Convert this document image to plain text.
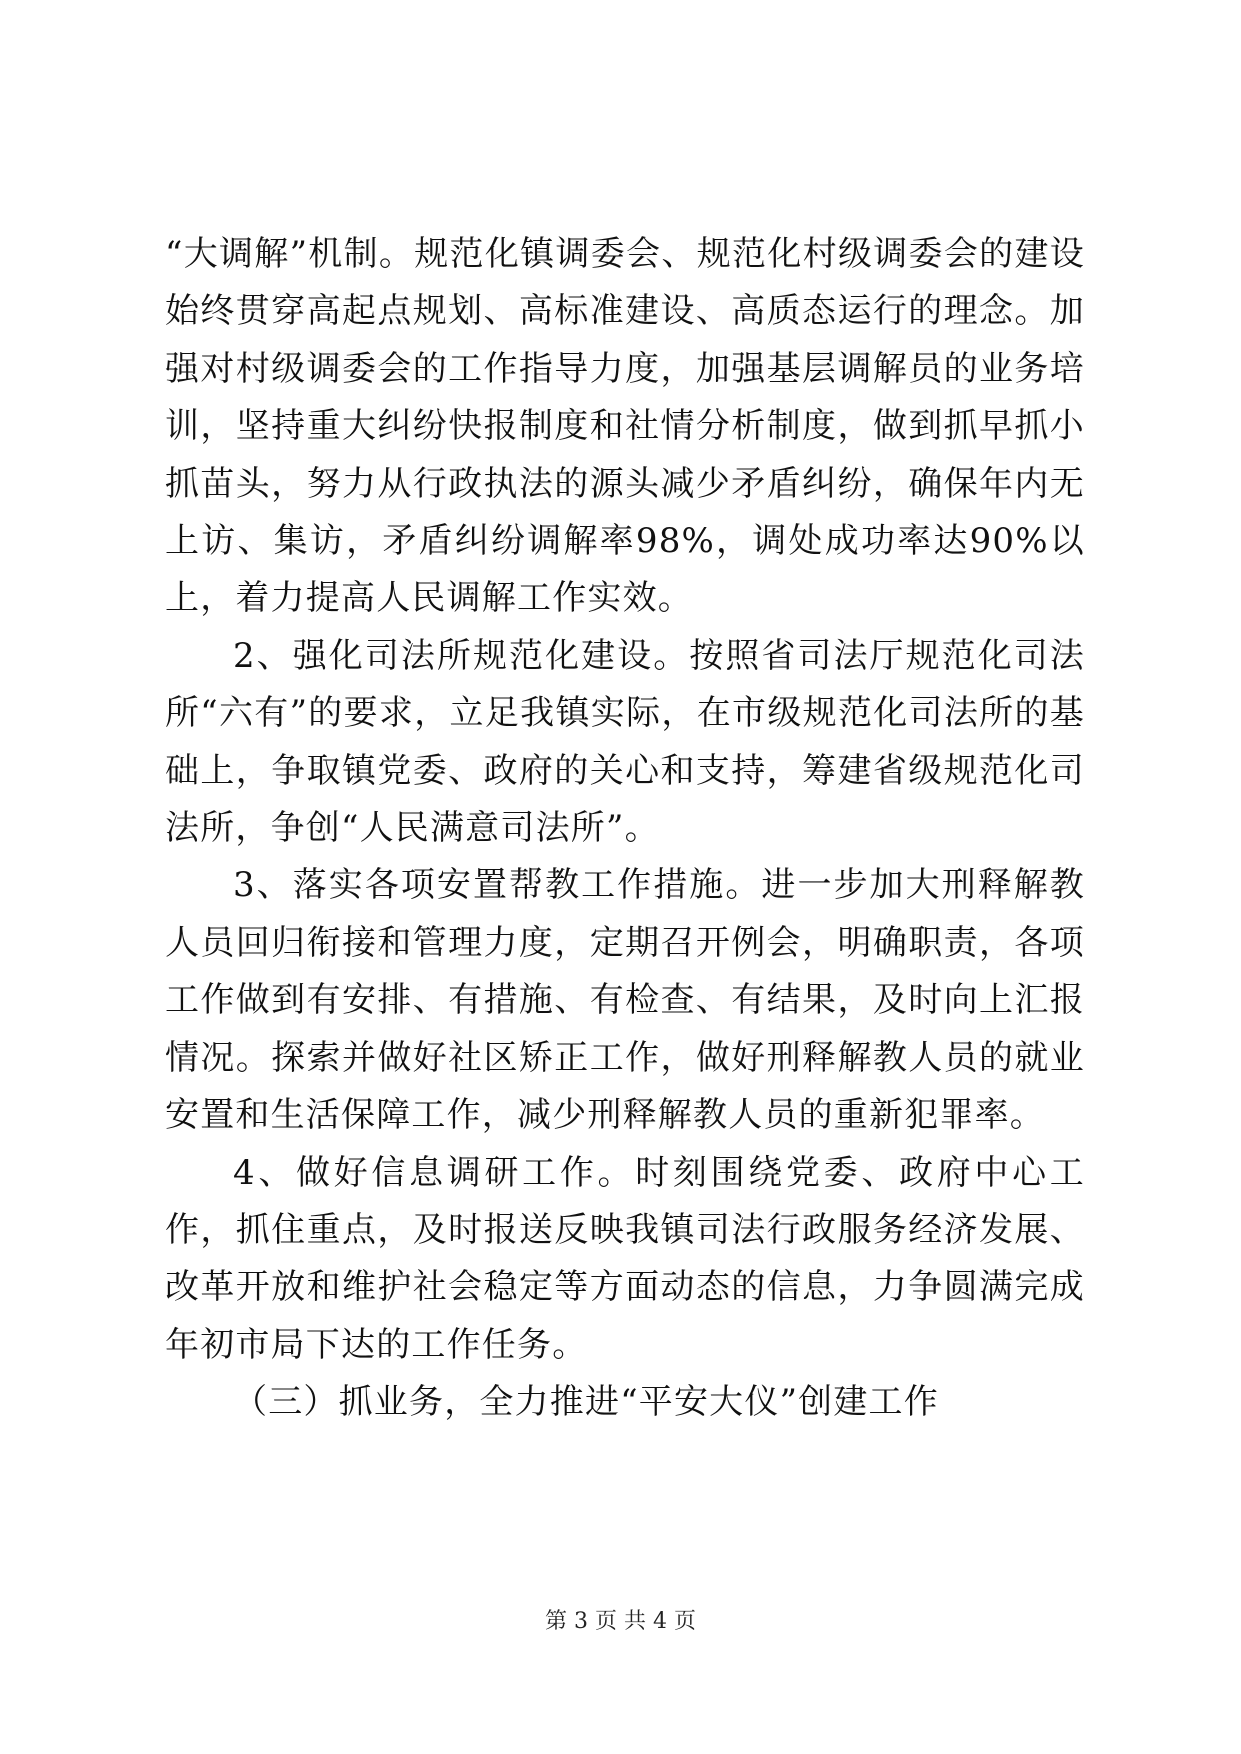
“大调解”机制。规范化镇调委会、规范化村级调委会的建设始终贯穿高起点规划、高标准建设、高质态运行的理念。加强对村级调委会的工作指导力度，加强基层调解员的业务培训，坚持重大纠纷快报制度和社情分析制度，做到抓早抓小抓苗头，努力从行政执法的源头减少矛盾纠纷，确保年内无上访、集访，矛盾纠纷调解率98%，调处成功率达90%以上，着力提高人民调解工作实效。

2、强化司法所规范化建设。按照省司法厅规范化司法所“六有”的要求，立足我镇实际，在市级规范化司法所的基础上，争取镇党委、政府的关心和支持，筹建省级规范化司法所，争创“人民满意司法所”。

3、落实各项安置帮教工作措施。进一步加大刑释解教人员回归衔接和管理力度，定期召开例会，明确职责，各项工作做到有安排、有措施、有检查、有结果，及时向上汇报情况。探索并做好社区矫正工作，做好刑释解教人员的就业安置和生活保障工作，减少刑释解教人员的重新犯罪率。

4、做好信息调研工作。时刻围绕党委、政府中心工作，抓住重点，及时报送反映我镇司法行政服务经济发展、改革开放和维护社会稳定等方面动态的信息，力争圆满完成年初市局下达的工作任务。

（三）抓业务，全力推进“平安大仪”创建工作

第 3 页 共 4 页
